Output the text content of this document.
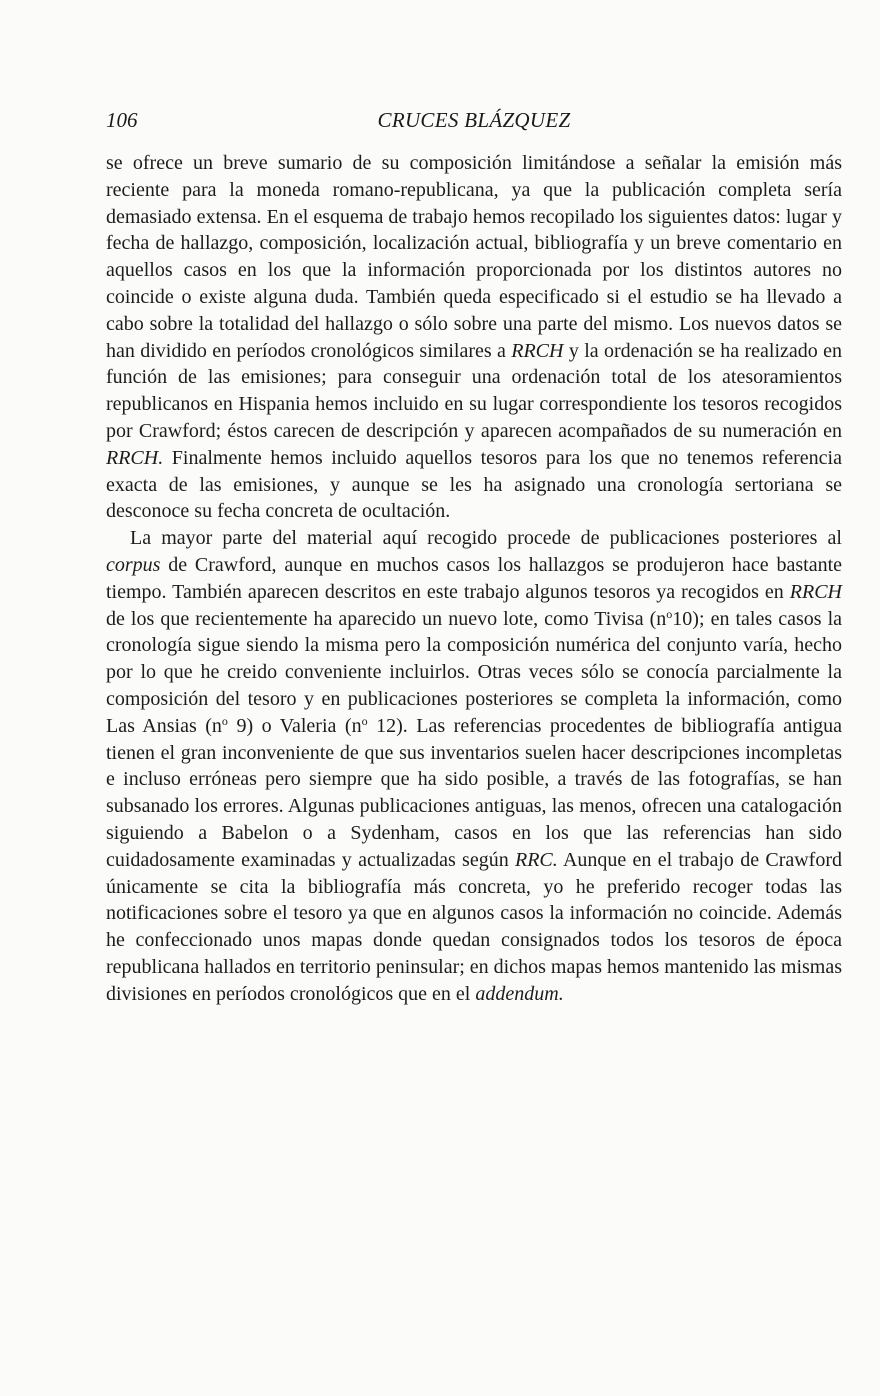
106	CRUCES BLÁZQUEZ

se ofrece un breve sumario de su composición limitándose a señalar la emisión más reciente para la moneda romano-republicana, ya que la publicación completa sería demasiado extensa. En el esquema de trabajo hemos recopilado los siguientes datos: lugar y fecha de hallazgo, composición, localización actual, bibliografía y un breve comentario en aquellos casos en los que la información proporcionada por los distintos autores no coincide o existe alguna duda. También queda especificado si el estudio se ha llevado a cabo sobre la totalidad del hallazgo o sólo sobre una parte del mismo. Los nuevos datos se han dividido en períodos cronológicos similares a RRCH y la ordenación se ha realizado en función de las emisiones; para conseguir una ordenación total de los atesoramientos republicanos en Hispania hemos incluido en su lugar correspondiente los tesoros recogidos por Crawford; éstos carecen de descripción y aparecen acompañados de su numeración en RRCH. Finalmente hemos incluido aquellos tesoros para los que no tenemos referencia exacta de las emisiones, y aunque se les ha asignado una cronología sertoriana se desconoce su fecha concreta de ocultación.

La mayor parte del material aquí recogido procede de publicaciones posteriores al corpus de Crawford, aunque en muchos casos los hallazgos se produjeron hace bastante tiempo. También aparecen descritos en este trabajo algunos tesoros ya recogidos en RRCH de los que recientemente ha aparecido un nuevo lote, como Tivisa $(n^o10)$; en tales casos la cronología sigue siendo la misma pero la composición numérica del conjunto varía, hecho por lo que he creido conveniente incluirlos. Otras veces sólo se conocía parcialmente la composición del tesoro y en publicaciones posteriores se completa la información, como Las Ansias ($n^o$ 9) o Valeria ($n^o$ 12). Las referencias procedentes de bibliografía antigua tienen el gran inconveniente de que sus inventarios suelen hacer descripciones incompletas e incluso erróneas pero siempre que ha sido posible, a través de las fotografías, se han subsanado los errores. Algunas publicaciones antiguas, las menos, ofrecen una catalogación siguiendo a Babelon o a Sydenham, casos en los que las referencias han sido cuidadosamente examinadas y actualizadas según RRC. Aunque en el trabajo de Crawford únicamente se cita la bibliografía más concreta, yo he preferido recoger todas las notificaciones sobre el tesoro ya que en algunos casos la información no coincide. Además he confeccionado unos mapas donde quedan consignados todos los tesoros de época republicana hallados en territorio peninsular; en dichos mapas hemos mantenido las mismas divisiones en períodos cronológicos que en el addendum.
